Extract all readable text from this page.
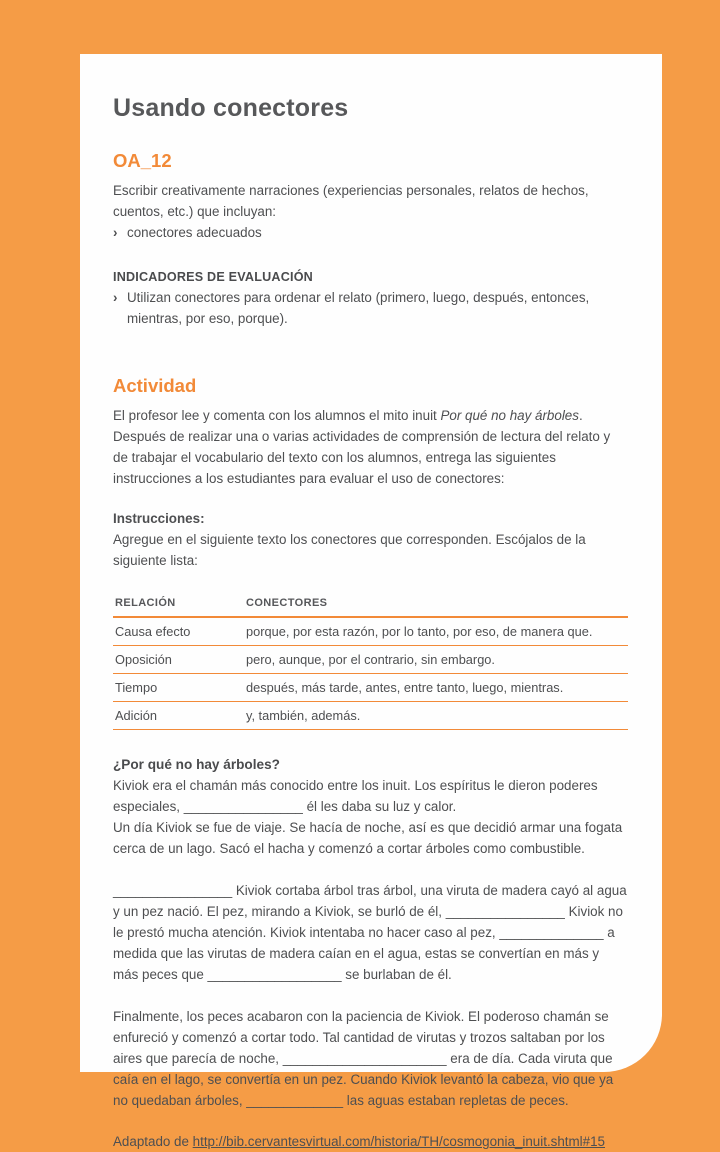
Usando conectores
OA_12

Escribir creativamente narraciones (experiencias personales, relatos de hechos, cuentos, etc.) que incluyan:

› conectores adecuados
INDICADORES DE EVALUACIÓN
› Utilizan conectores para ordenar el relato (primero, luego, después, entonces, mientras, por eso, porque).
Actividad

El profesor lee y comenta con los alumnos el mito inuit Por qué no hay árboles. Después de realizar una o varias actividades de comprensión de lectura del relato y de trabajar el vocabulario del texto con los alumnos, entrega las siguientes instrucciones a los estudiantes para evaluar el uso de conectores:

Instrucciones:

Agregue en el siguiente texto los conectores que corresponden. Escójalos de la siguiente lista:

RELACIÓN	CONECTORES
Causa efecto	porque, por esta razón, por lo tanto, por eso, de manera que.
Oposición	pero, aunque, por el contrario, sin embargo.
Tiempo	después, más tarde, antes, entre tanto, luego, mientras.
Adición	y, también, además.

¿Por qué no hay árboles?

Kiviok era el chamán más conocido entre los inuit. Los espíritus le dieron poderes especiales, ________________ él les daba su luz y calor.

Un día Kiviok se fue de viaje. Se hacía de noche, así es que decidió armar una fogata cerca de un lago. Sacó el hacha y comenzó a cortar árboles como combustible.

________________ Kiviok cortaba árbol tras árbol, una viruta de madera cayó al agua y un pez nació. El pez, mirando a Kiviok, se burló de él, ________________ Kiviok no le prestó mucha atención. Kiviok intentaba no hacer caso al pez, ______________ a medida que las virutas de madera caían en el agua, estas se convertían en más y más peces que __________________ se burlaban de él.

Finalmente, los peces acabaron con la paciencia de Kiviok. El poderoso chamán se enfureció y comenzó a cortar todo. Tal cantidad de virutas y trozos saltaban por los aires que parecía de noche, ______________________ era de día. Cada viruta que caía en el lago, se convertía en un pez. Cuando Kiviok levantó la cabeza, vio que ya no quedaban árboles, _____________ las aguas estaban repletas de peces.

Adaptado de http://bib.cervantesvirtual.com/historia/TH/cosmogonia_inuit.shtml#15
